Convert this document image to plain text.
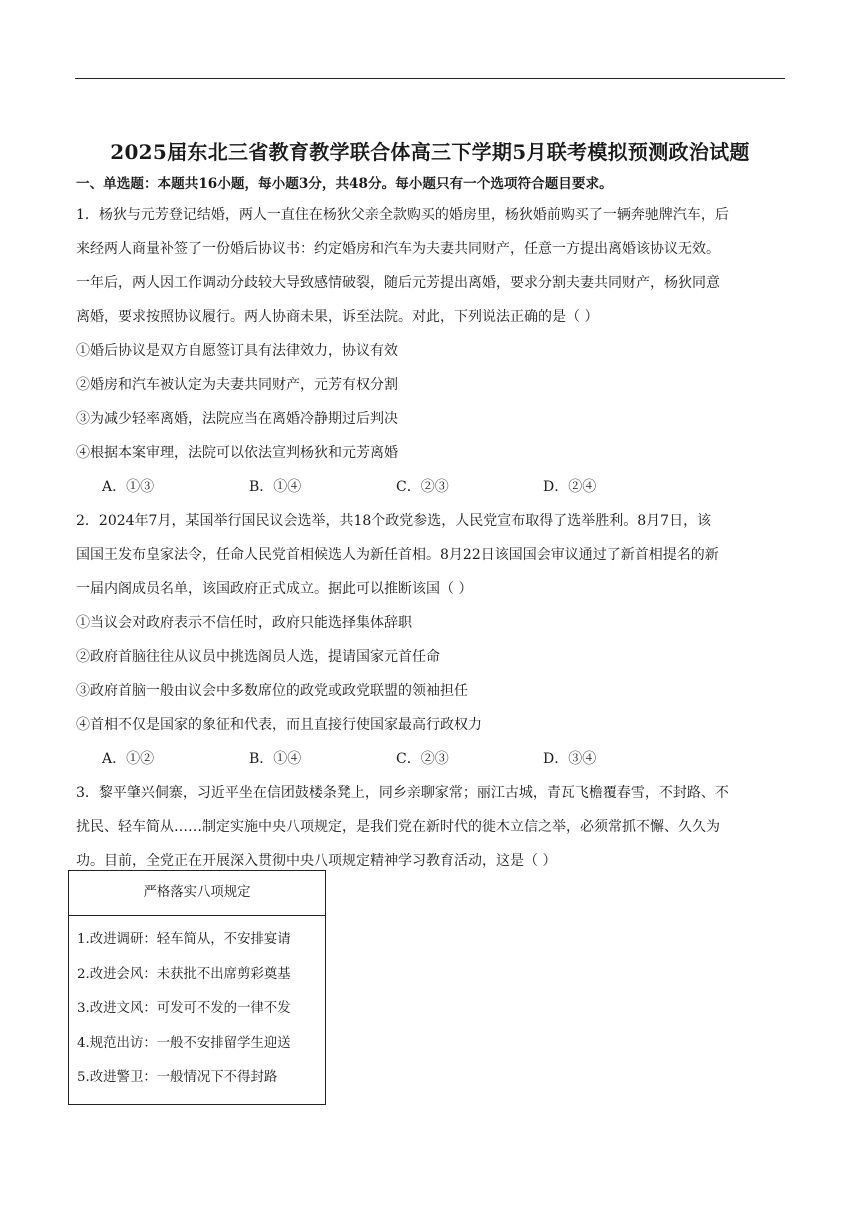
2025届东北三省教育教学联合体高三下学期5月联考模拟预测政治试题
一、单选题：本题共16小题，每小题3分，共48分。每小题只有一个选项符合题目要求。
1．杨狄与元芳登记结婚，两人一直住在杨狄父亲全款购买的婚房里，杨狄婚前购买了一辆奔驰牌汽车，后
来经两人商量补签了一份婚后协议书：约定婚房和汽车为夫妻共同财产，任意一方提出离婚该协议无效。
一年后，两人因工作调动分歧较大导致感情破裂，随后元芳提出离婚，要求分割夫妻共同财产，杨狄同意
离婚，要求按照协议履行。两人协商未果，诉至法院。对此，下列说法正确的是（ ）
①婚后协议是双方自愿签订具有法律效力，协议有效
②婚房和汽车被认定为夫妻共同财产，元芳有权分割
③为减少轻率离婚，法院应当在离婚冷静期过后判决
④根据本案审理，法院可以依法宣判杨狄和元芳离婚
A．①③	B．①④	C．②③	D．②④
2．2024年7月，某国举行国民议会选举，共18个政党参选，人民党宣布取得了选举胜利。8月7日，该
国国王发布皇家法令，任命人民党首相候选人为新任首相。8月22日该国国会审议通过了新首相提名的新
一届内阁成员名单，该国政府正式成立。据此可以推断该国（ ）
①当议会对政府表示不信任时，政府只能选择集体辞职
②政府首脑往往从议员中挑选阁员人选，提请国家元首任命
③政府首脑一般由议会中多数席位的政党或政党联盟的领袖担任
④首相不仅是国家的象征和代表，而且直接行使国家最高行政权力
A．①②	B．①④	C．②③	D．③④
3．黎平肇兴侗寨，习近平坐在信团鼓楼条凳上，同乡亲聊家常；丽江古城，青瓦飞檐覆春雪，不封路、不
扰民、轻车简从……制定实施中央八项规定，是我们党在新时代的徙木立信之举，必须常抓不懈、久久为
功。目前，全党正在开展深入贯彻中央八项规定精神学习教育活动，这是（ ）
严格落实八项规定
1.改进调研：轻车简从，不安排宴请
2.改进会风：未获批不出席剪彩奠基
3.改进文风：可发可不发的一律不发
4.规范出访：一般不安排留学生迎送
5.改进警卫：一般情况下不得封路
